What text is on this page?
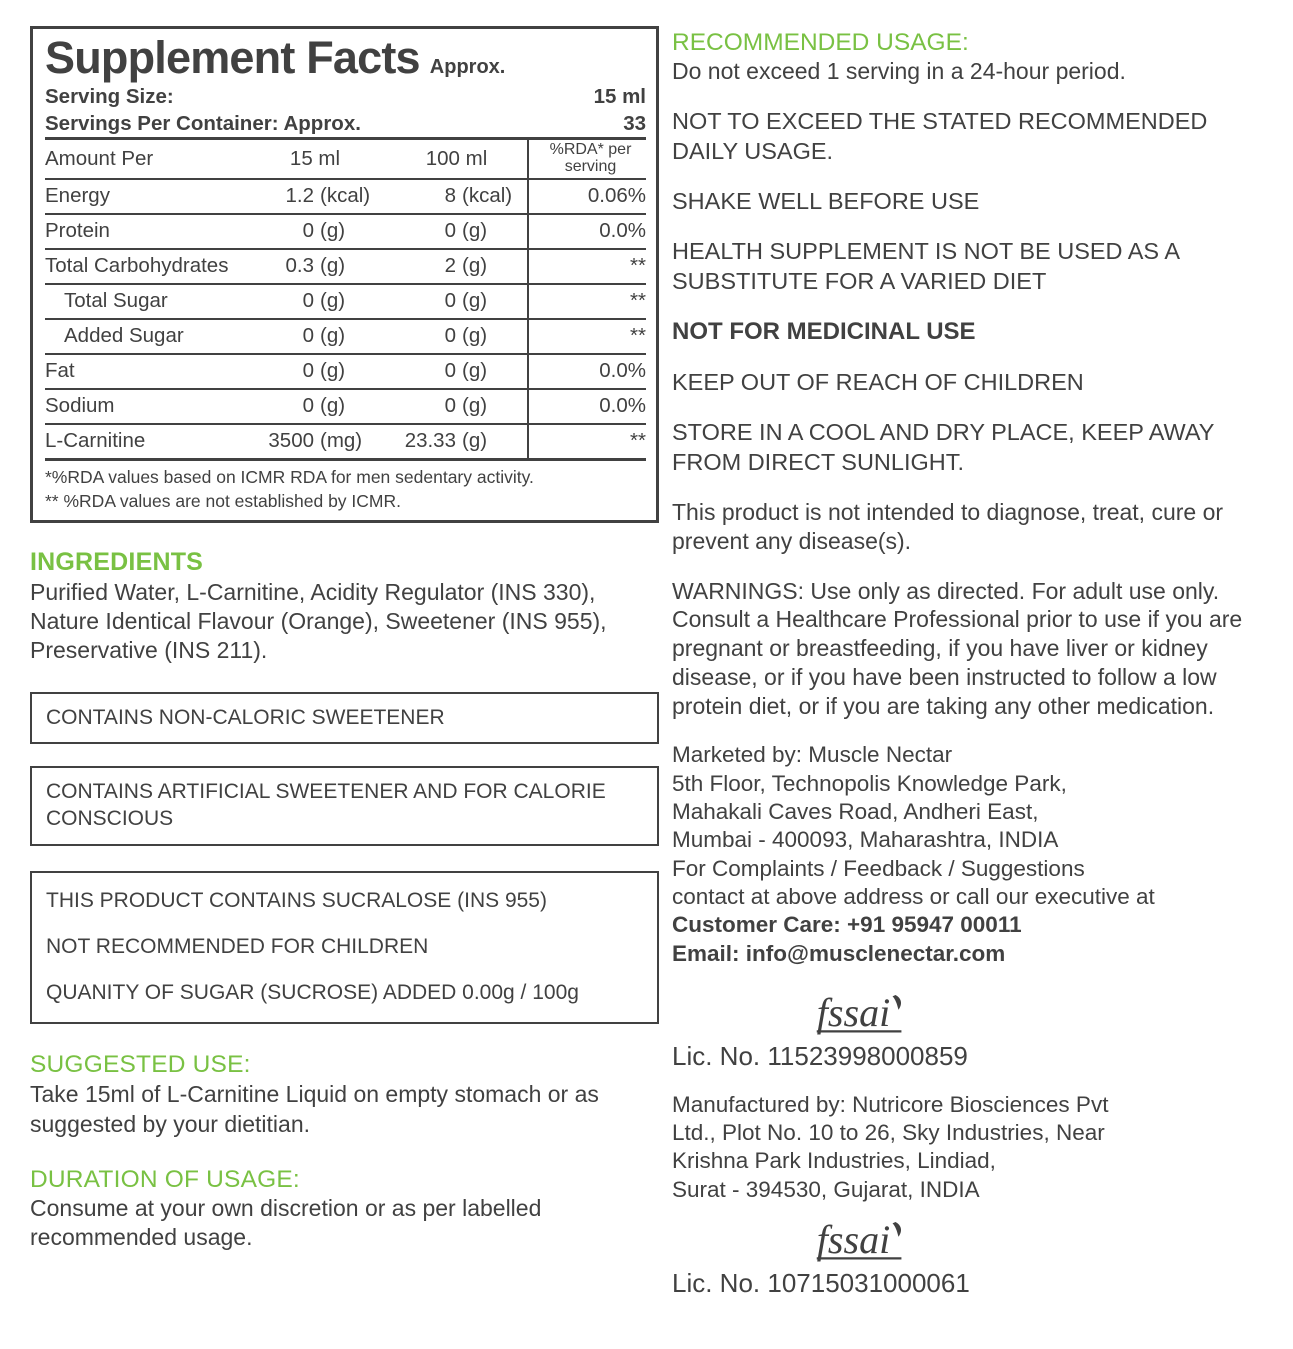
Supplement Facts Approx.
Serving Size:	15 ml
Servings Per Container: Approx.	33
Amount Per	15 ml		100 ml		%RDA* per
serving

Energy	1.2	(kcal)	8	(kcal)	0.06%
Protein	0	(g)	0	(g)	0.0%
Total Carbohydrates	0.3	(g)	2	(g)	**
Total Sugar	0	(g)	0	(g)	**
Added Sugar	0	(g)	0	(g)	**
Fat	0	(g)	0	(g)	0.0%
Sodium	0	(g)	0	(g)	0.0%
L-Carnitine	3500	(mg)	23.33	(g)	**
*%RDA values based on ICMR RDA for men sedentary activity.
** %RDA values are not established by ICMR.
INGREDIENTS
Purified Water, L-Carnitine, Acidity Regulator (INS 330), Nature Identical Flavour (Orange), Sweetener (INS 955), Preservative (INS 211).
CONTAINS NON-CALORIC SWEETENER
CONTAINS ARTIFICIAL SWEETENER AND FOR CALORIE CONSCIOUS

THIS PRODUCT CONTAINS SUCRALOSE (INS 955)

NOT RECOMMENDED FOR CHILDREN

QUANITY OF SUGAR (SUCROSE) ADDED 0.00g / 100g

SUGGESTED USE:
Take 15ml of L-Carnitine Liquid on empty stomach or as suggested by your dietitian.
DURATION OF USAGE:
Consume at your own discretion or as per labelled recommended usage.
RECOMMENDED USAGE:
Do not exceed 1 serving in a 24-hour period.
NOT TO EXCEED THE STATED RECOMMENDED DAILY USAGE.
SHAKE WELL BEFORE USE
HEALTH SUPPLEMENT IS NOT BE USED AS A SUBSTITUTE FOR A VARIED DIET
NOT FOR MEDICINAL USE
KEEP OUT OF REACH OF CHILDREN
STORE IN A COOL AND DRY PLACE, KEEP AWAY FROM DIRECT SUNLIGHT.
This product is not intended to diagnose, treat, cure or prevent any disease(s).
WARNINGS: Use only as directed. For adult use only. Consult a Healthcare Professional prior to use if you are pregnant or breastfeeding, if you have liver or kidney disease, or if you have been instructed to follow a low protein diet, or if you are taking any other medication.
Marketed by: Muscle Nectar
5th Floor, Technopolis Knowledge Park,
Mahakali Caves Road, Andheri East,
Mumbai - 400093, Maharashtra, INDIA
For Complaints / Feedback / Suggestions
contact at above address or call our executive at
Customer Care: +91 95947 00011
Email: info@musclenectar.com
fssai
Lic. No. 11523998000859
Manufactured by: Nutricore Biosciences Pvt
Ltd., Plot No. 10 to 26, Sky Industries, Near
Krishna Park Industries, Lindiad,
Surat - 394530, Gujarat, INDIA
fssai
Lic. No. 10715031000061
